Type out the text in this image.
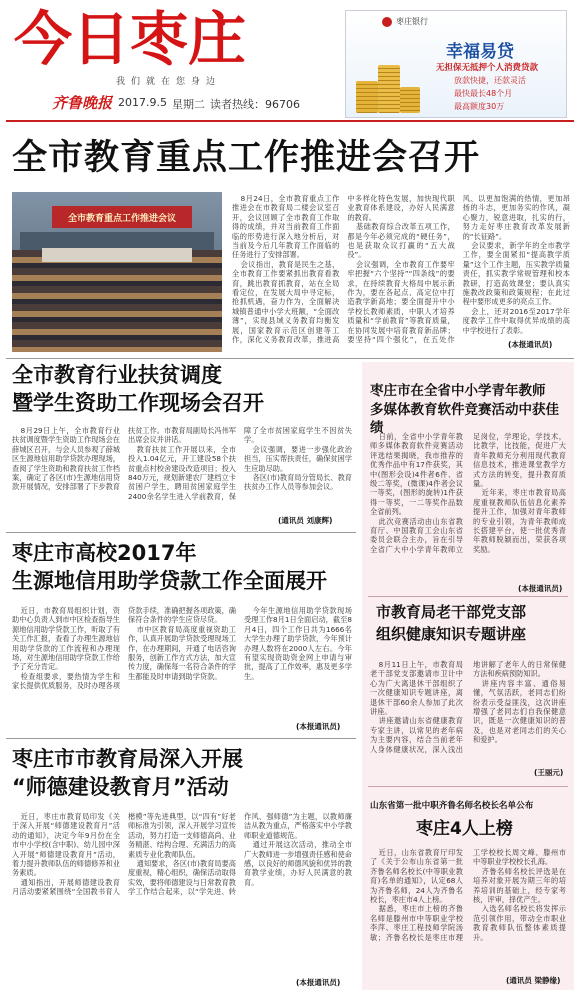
今日枣庄
我们就在您身边
齐鲁晚报 2017.9.5 星期二 读者热线：96706
枣庄银行
幸福易贷
无担保无抵押个人消费贷款
放款快捷，还款灵活
最快最长48个月
最高额度30万
全市教育重点工作推进会召开
全市教育重点工作推进会议

8月24日，全市教育重点工作推进会在市教育局二楼会议室召开，会议回顾了全市教育工作取得的成绩，并对当前教育工作面临的形势进行深入地分析后，对当前及今后几年教育工作面临的任务进行了安排部署。

会议指出，教育是民生之基，全市教育工作要紧抓出教育看教育，跳出教育抓教育，站在全局看定位，在发展大局中寻定标，抢抓机遇，奋力作为，全面解决城镇普通中小学大班额，“全面改薄”，实现县域义务教育均衡发展，国家教育示范区创建等工作，深化义务教育改革，推进高中多样化特色发展，加快现代职业教育体系建设，办好人民满意的教育。

基础教育综合改革五项工作，都是今年必须完成的“硬任务”，也是获取众议打赢的“五大战役”。

会议强调，全市教育工作要牢牢把握“六个坚持”“四条线”的要求，在持续教育大格局中展示新作为，要在各起点、高定位中打造教学新高地；要全面提升中小学校长教师素质，中职人才培养质量和“学前教育”等教育质量，在协同发展中培育教育新品牌；要坚持“四个强化”，在五处作风、以更加饱满的热情，更加昂扬的斗志，更加务实的作风，凝心聚力，锐意进取，扎实的行，努力走好枣庄教育改革发展新的“长征路”。

会议要求，新学年的全市教学工作，要全面紧扣“提高教学质量”这个工作主题，压实教学质量责任，抓实教学常规管理和校本教研，打造高效课堂；要认真实施教改政策和政策规程；在此过程中要形成更多的亮点工作。

会上，还对2016至2017学年度教学工作中取得优异成绩的高中学校进行了表彰。

(本报通讯员)
全市教育行业扶贫调度
暨学生资助工作现场会召开

8月29日上午，全市教育行业扶贫调度暨学生资助工作现场会在薛城区召开，与会人员参观了薛城区生源地信用助学贷款办理现场，查阅了学生资助和教育扶贫工作档案，确定了各区(市)生源地信用贷款开展情况，安排部署了下步教育扶贫工作。市教育局副局长冯伟军出席会议并讲话。

教育扶贫工作开展以来，全市投入1.04亿元，开工建设58个扶贫重点村校舍建设改造项目；投入840万元，规划新建农厂建档立卡贫困户学生，聘用贫困家庭学生2400余名学生进入学前教育，保障了全市贫困家庭学生不因贫失学。

会议强调，要进一步强化政治担当，压实帮扶责任，确保贫困学生应助尽助。

各区(市)教育局分管局长、教育扶贫办工作人员等参加会议。

(通讯员 刘康辉)
枣庄市高校2017年
生源地信用助学贷款工作全面展开

近日，市教育局组织计划，资助中心负责人到市中区检查指导生源地信用助学贷款工作，听取了有关工作汇报，查看了办理生源地信用助学贷款的工作流程和办理现场，对生源地信用助学贷款工作给予了充分肯定。

检查组要求，要热情为学生和家长提供优质服务，及时办理各项贷款手续，准确把握各项政策，确保符合条件的学生应贷尽贷。

市中区教育局高度重视资助工作，认真开展助学贷款受理现场工作，在办理期间，开通了电话咨询服务，创新工作方式方法，加大宣传力度，确保每一名符合条件的学生都能及时申请到助学贷款。

今年生源地信用助学贷款现场受理工作8月1日全面启动，截至8月4日，四个工作日共为1666名大学生办理了助学贷款，今年预计办理人数将在2000人左右。今年有望实现资助资金网上申请与审批，提高了工作效率，惠及更多学生。

(本报通讯员)
枣庄市市教育局深入开展
“师德建设教育月”活动

近日，枣庄市教育局印发《关于深入开展“师德建设教育月”活动的通知》，决定今年9月份在全市中小学校(含中职)、幼儿园中深入开展“师德建设教育月”活动，着力提升教师队伍的师德修养和业务素质。

通知指出，开展师德建设教育月活动要紧紧围绕“全国教书育人楷模”等先进典型，以“四有”好老师标准为引领，深入开展学习宣传活动，努力打造一支师德高尚、业务精湛、结构合理、充满活力的高素质专业化教师队伍。

通知要求，各区(市)教育局要高度重视，精心组织，确保活动取得实效，要将师德建设与日常教育教学工作结合起来，以“学先进、转作风、强师德”为主题，以教师廉洁从教为重点，严格落实中小学教师职业道德规范。

通过开展这次活动，推动全市广大教师进一步增强责任感和使命感，以良好的师德风貌和优异的教育教学业绩，办好人民满意的教育。

(本报通讯员)
枣庄市在全省中小学青年教师
多媒体教育软件竞赛活动中获佳绩

日前，全省中小学青年教师多媒体教育软件竞赛活动评选结果揭晓，我市推荐的优秀作品中有17件获奖，其中(图形会设)4件者6件、省级二等奖，(微课)4件者会议一等奖，(图形的旋转)1件获得一等奖，一二等奖作品数全省前列。

此次竞赛活动由山东省教育厅、中国教育工会山东省委员会联合主办，旨在引导全省广大中小学青年教师立足岗位，学理论，学技术，比教学，比技能，促进广大青年教师充分利用现代教育信息技术，推进课堂教学方式方法的转变，提升教育质量。

近年来，枣庄市教育局高度重视教师队伍信息化素养提升工作，加强对青年教师的专业引领，为青年教师成长搭建平台，使一批优秀青年教师脱颖而出，荣获各项奖励。

(本报通讯员)
市教育局老干部党支部
组织健康知识专题讲座

8月11日上午，市教育局老干部党支部邀请市卫计中心为广大离退休干部组织了一次健康知识专题讲座，离退休干部60余人参加了此次讲座。

讲座邀请山东省健康教育专家主讲，以常见的老年病为主要内容，结合当前老年人身体健康状况，深入浅出地讲解了老年人的日常保健方法和疾病预防知识。

讲座内容丰富、通俗易懂，气氛活跃，老同志们纷纷表示受益匪浅，这次讲座增强了老同志们自我保健意识，既是一次健康知识的普及，也是对老同志们的关心和爱护。

(王丽元)
山东省第一批中职齐鲁名师名校长名单公布
枣庄4人上榜

近日，山东省教育厅印发了《关于公布山东省第一批齐鲁名师名校长(中等职业教育)名单的通知》，认定68人为齐鲁名师，24人为齐鲁名校长，枣庄市4人上榜。

据悉，枣庄市上榜的齐鲁名师是滕州市中等职业学校李萍、枣庄工程技师学院汤敏；齐鲁名校长是枣庄市理工学校校长周文峰、滕州市中等职业学校校长孔海。

齐鲁名师名校长评选是在培养对象开展为期三年的培养培训的基础上，经专家考核，评审，择优产生。

入选名师名校长将发挥示范引领作用，带动全市职业教育教师队伍整体素质提升。

(通讯员 梁静缘)
